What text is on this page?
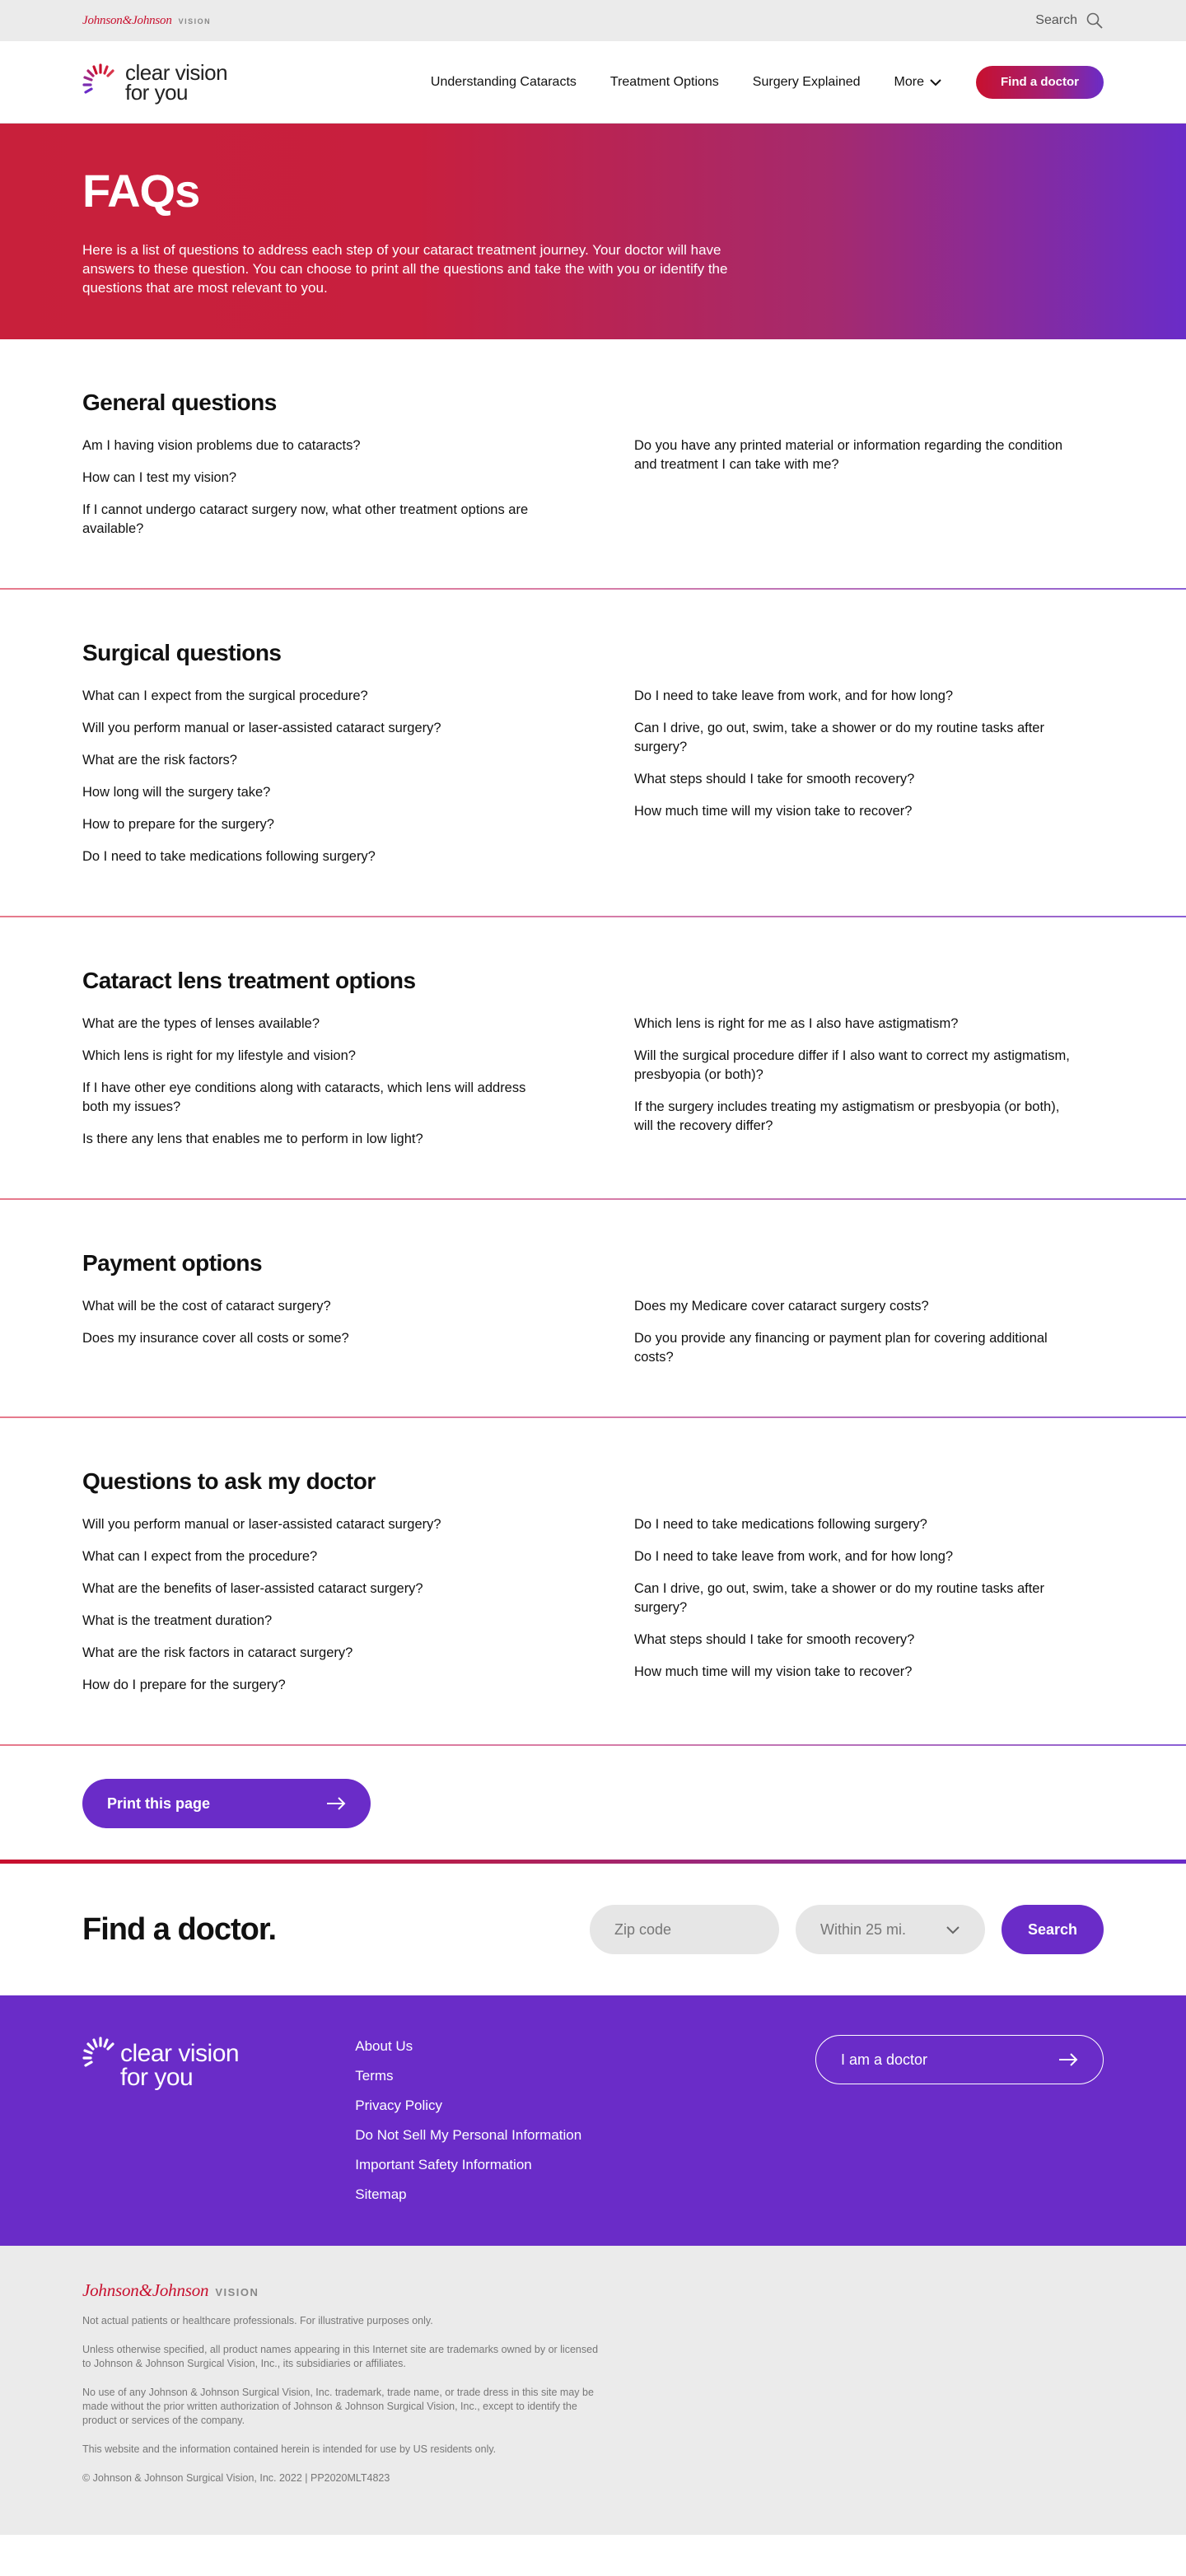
Johnson&Johnson VISION	Search
clear vision
for you	Understanding Cataracts	Treatment Options	Surgery Explained	More	Find a doctor
FAQs

Here is a list of questions to address each step of your cataract treatment journey. Your doctor will have answers to these question. You can choose to print all the questions and take the with you or identify the questions that are most relevant to you.

General questions
Am I having vision problems due to cataracts?
How can I test my vision?
If I cannot undergo cataract surgery now, what other treatment options are available?
Do you have any printed material or information regarding the condition and treatment I can take with me?
Surgical questions
What can I expect from the surgical procedure?
Will you perform manual or laser-assisted cataract surgery?
What are the risk factors?
How long will the surgery take?
How to prepare for the surgery?
Do I need to take medications following surgery?
Do I need to take leave from work, and for how long?
Can I drive, go out, swim, take a shower or do my routine tasks after surgery?
What steps should I take for smooth recovery?
How much time will my vision take to recover?
Cataract lens treatment options
What are the types of lenses available?
Which lens is right for my lifestyle and vision?
If I have other eye conditions along with cataracts, which lens will address both my issues?
Is there any lens that enables me to perform in low light?
Which lens is right for me as I also have astigmatism?
Will the surgical procedure differ if I also want to correct my astigmatism, presbyopia (or both)?
If the surgery includes treating my astigmatism or presbyopia (or both), will the recovery differ?
Payment options
What will be the cost of cataract surgery?
Does my insurance cover all costs or some?
Does my Medicare cover cataract surgery costs?
Do you provide any financing or payment plan for covering additional costs?
Questions to ask my doctor
Will you perform manual or laser-assisted cataract surgery?
What can I expect from the procedure?
What are the benefits of laser-assisted cataract surgery?
What is the treatment duration?
What are the risk factors in cataract surgery?
How do I prepare for the surgery?
Do I need to take medications following surgery?
Do I need to take leave from work, and for how long?
Can I drive, go out, swim, take a shower or do my routine tasks after surgery?
What steps should I take for smooth recovery?
How much time will my vision take to recover?
Print this page
Find a doctor.	Zip code	Within 25 mi.	Search
clear vision
for you
About Us
Terms
Privacy Policy
Do Not Sell My Personal Information
Important Safety Information
Sitemap
I am a doctor
Johnson&Johnson VISION

Not actual patients or healthcare professionals. For illustrative purposes only.

Unless otherwise specified, all product names appearing in this Internet site are trademarks owned by or licensed to Johnson & Johnson Surgical Vision, Inc., its subsidiaries or affiliates.

No use of any Johnson & Johnson Surgical Vision, Inc. trademark, trade name, or trade dress in this site may be made without the prior written authorization of Johnson & Johnson Surgical Vision, Inc., except to identify the product or services of the company.

This website and the information contained herein is intended for use by US residents only.

© Johnson & Johnson Surgical Vision, Inc. 2022 | PP2020MLT4823
